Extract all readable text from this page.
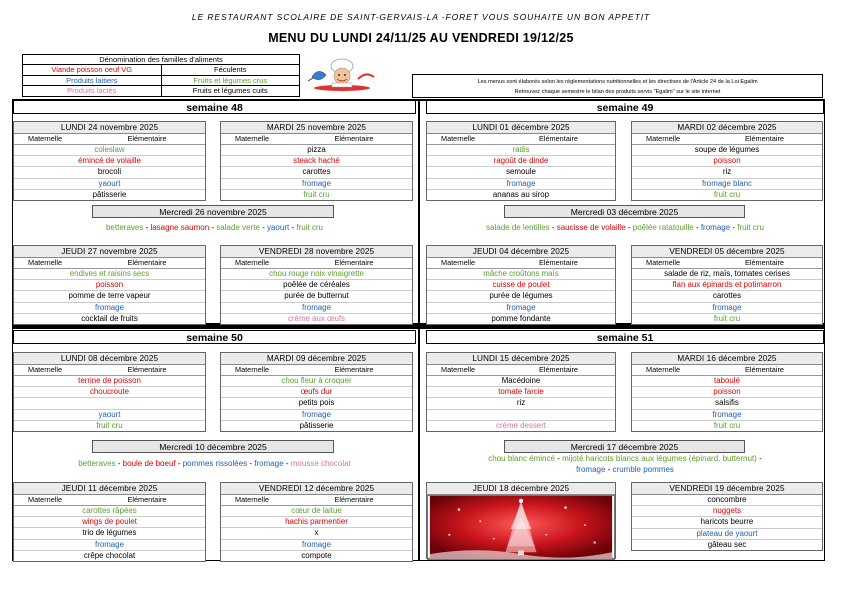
LE RESTAURANT SCOLAIRE DE SAINT-GERVAIS-LA -FORET VOUS SOUHAITE UN BON APPETIT
MENU DU LUNDI 24/11/25 AU VENDREDI 19/12/25
Dénomination des familles d'aliments
Viande poisson oeuf VG	Féculents
Produits laitiers	Fruits et légumes crus
Produits lactés	Fruits et légumes cuits
Les menus sont élaborés selon les réglementations nutritionnelles et les directives de l'Article 24 de la Loi Egalim
Retrouvez chaque semestre le bilan des produits servis "Egalim" sur le site internet
semaine 48	semaine 49
semaine 50	semaine 51
LUNDI 24 novembre 2025
Maternelle	Elémentaire
coleslaw
émincé de volaille
brocoli
yaourt
pâtisserie
MARDI 25 novembre 2025
Maternelle	Elémentaire
pizza
steack haché
carottes
fromage
fruit cru
Mercredi 26 novembre 2025
betteraves - lasagne saumon - salade verte - yaourt - fruit cru
JEUDI 27 novembre 2025
Maternelle	Elémentaire
endives et raisins secs
poisson
pomme de terre vapeur
fromage
cocktail de fruits
VENDREDI 28 novembre 2025
Maternelle	Elémentaire
chou rouge noix vinaigrette
poêlée de céréales
purée de butternut
fromage
crème aux œufs
LUNDI 01 décembre 2025
Maternelle	Elémentaire
radis
ragoût de dinde
semoule
fromage
ananas au sirop
MARDI 02 décembre 2025
Maternelle	Elémentaire
soupe de légumes
poisson
riz
fromage blanc
fruit cru
Mercredi 03 décembre 2025
salade de lentilles - saucisse de volaille - poêlée ratatouille - fromage - fruit cru
JEUDI 04 décembre 2025
Maternelle	Elémentaire
mâche croûtons maïs
cuisse de poulet
purée de légumes
fromage
pomme fondante
VENDREDI 05 décembre 2025
Maternelle	Elémentaire
salade de riz, maïs, tomates cerises
flan aux épinards et potimarron
carottes
fromage
fruit cru
LUNDI 08 décembre 2025
Maternelle	Elémentaire
terrine de poisson
choucroute
yaourt
fruit cru
MARDI 09 décembre 2025
Maternelle	Elémentaire
chou fleur à croquer
œufs dur
petits pois
fromage
pâtisserie
Mercredi 10 décembre 2025
betteraves - boule de boeuf - pommes rissolées - fromage - mousse chocolat
JEUDI 11 décembre 2025
Maternelle	Elémentaire
carottes râpées
wings de poulet
trio de légumes
fromage
crêpe chocolat
VENDREDI 12 décembre 2025
Maternelle	Elémentaire
cœur de laitue
hachis parmentier
x
fromage
compote
LUNDI 15 décembre 2025
Maternelle	Elémentaire
Macédoine
tomate farcie
riz
crème dessert
MARDI 16 décembre 2025
Maternelle	Elémentaire
taboulé
poisson
salsifis
fromage
fruit cru
Mercredi 17 décembre 2025
chou blanc émincé - mijoté haricots blancs aux légumes (épinard, butternut) -
fromage - crumble pommes
JEUDI 18 décembre 2025	VENDREDI 19 décembre 2025
concombre
nuggets
haricots beurre
plateau de yaourt
gâteau sec
